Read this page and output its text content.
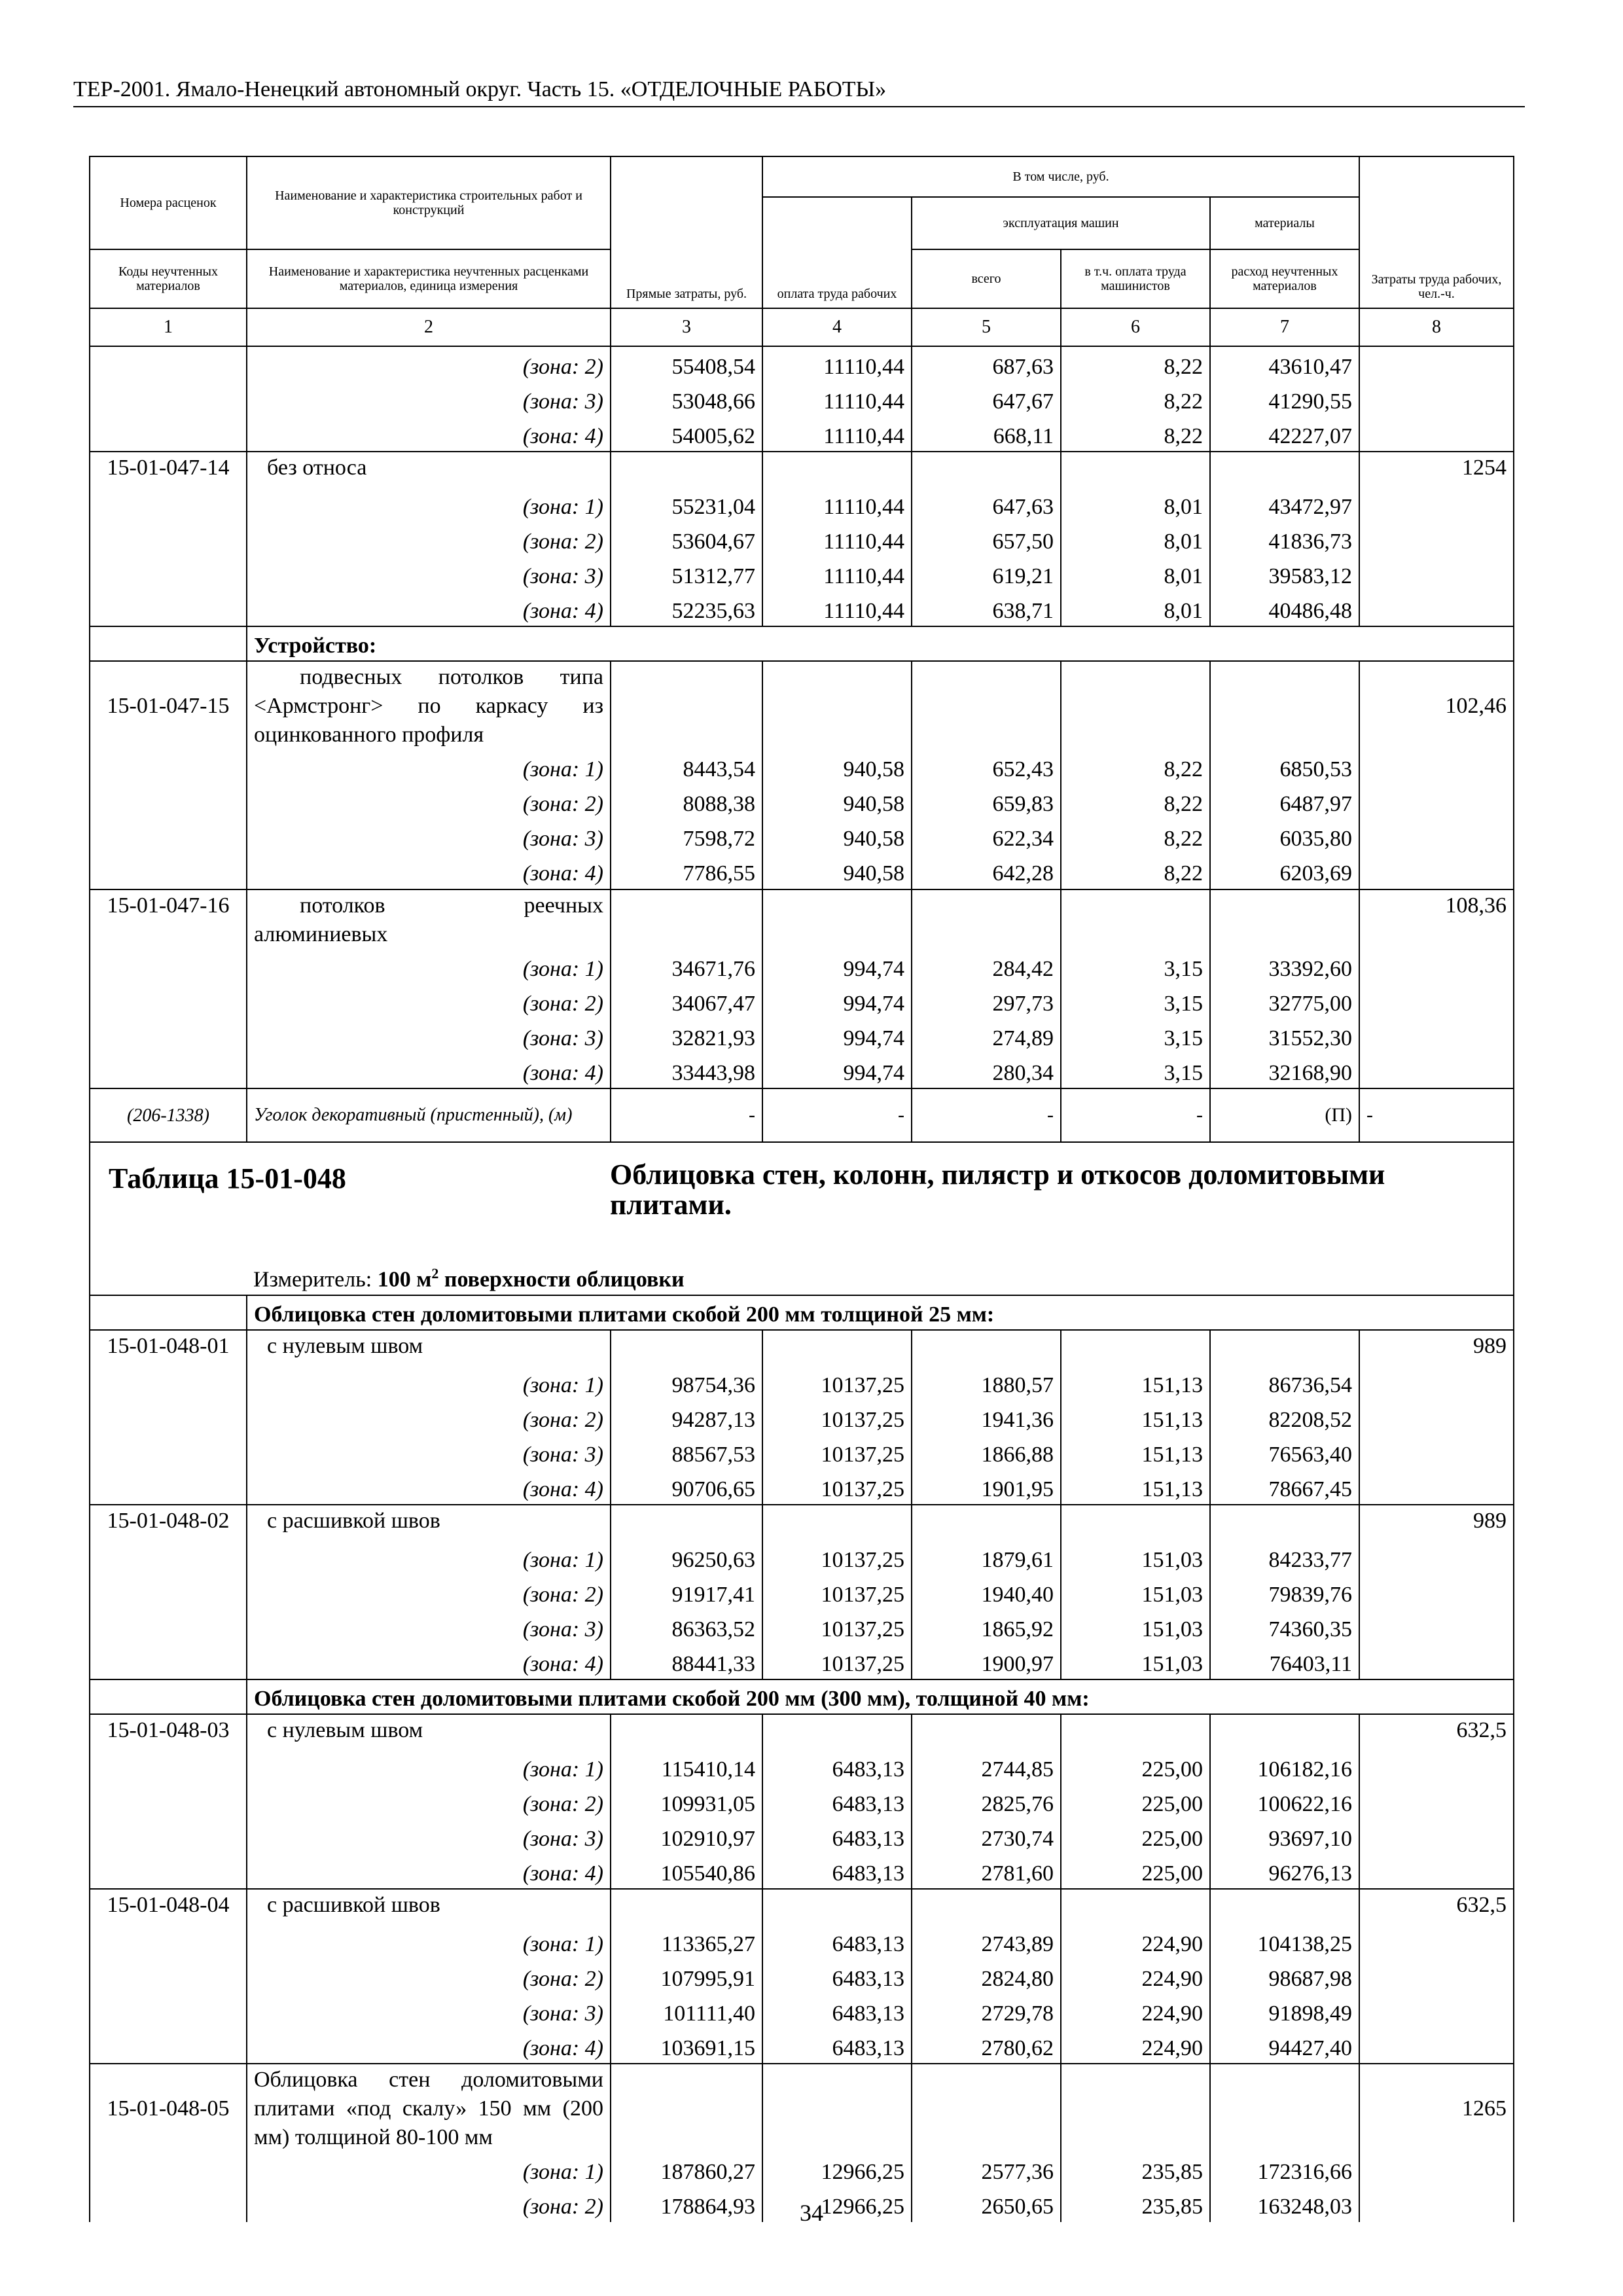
ТЕР-2001. Ямало-Ненецкий автономный округ. Часть 15. «ОТДЕЛОЧНЫЕ РАБОТЫ»
Номера расценок	Наименование и характеристика строительных работ и конструкций	Прямые затраты, руб.	В том числе, руб.				Затраты труда рабочих, чел.-ч.
			оплата труда рабочих	эксплуатация машин		материалы	
Коды неучтенных материалов	Наименование и характеристика неучтенных расценками материалов, единица измерения			всего	в т.ч. оплата труда машинистов	расход неучтенных материалов	
1	2	3	4	5	6	7	8
	(зона: 2)	55408,54	11110,44	687,63	8,22	43610,47	
	(зона: 3)	53048,66	11110,44	647,67	8,22	41290,55	
	(зона: 4)	54005,62	11110,44	668,11	8,22	42227,07	
15-01-047-14	без относа						1254
	(зона: 1)	55231,04	11110,44	647,63	8,01	43472,97	
	(зона: 2)	53604,67	11110,44	657,50	8,01	41836,73	
	(зона: 3)	51312,77	11110,44	619,21	8,01	39583,12	
	(зона: 4)	52235,63	11110,44	638,71	8,01	40486,48	
	Устройство:						
15-01-047-15	подвесных потолков типа <Армстронг> по каркасу из оцинкованного профиля						102,46
	(зона: 1)	8443,54	940,58	652,43	8,22	6850,53	
	(зона: 2)	8088,38	940,58	659,83	8,22	6487,97	
	(зона: 3)	7598,72	940,58	622,34	8,22	6035,80	
	(зона: 4)	7786,55	940,58	642,28	8,22	6203,69	
15-01-047-16	потолков реечных алюминиевых						108,36
	(зона: 1)	34671,76	994,74	284,42	3,15	33392,60	
	(зона: 2)	34067,47	994,74	297,73	3,15	32775,00	
	(зона: 3)	32821,93	994,74	274,89	3,15	31552,30	
	(зона: 4)	33443,98	994,74	280,34	3,15	32168,90	
(206-1338)	Уголок декоративный (пристенный), (м)	-	-	-	-	(П)	-

Таблица 15-01-048 Облицовка стен, колонн, пилястр и откосов доломитовыми плитами.							

	Измеритель: 100 $м^2$ поверхности облицовки						
	Облицовка стен доломитовыми плитами скобой 200 мм толщиной 25 мм:						
15-01-048-01	с нулевым швом						989
	(зона: 1)	98754,36	10137,25	1880,57	151,13	86736,54	
	(зона: 2)	94287,13	10137,25	1941,36	151,13	82208,52	
	(зона: 3)	88567,53	10137,25	1866,88	151,13	76563,40	
	(зона: 4)	90706,65	10137,25	1901,95	151,13	78667,45	
15-01-048-02	с расшивкой швов						989
	(зона: 1)	96250,63	10137,25	1879,61	151,03	84233,77	
	(зона: 2)	91917,41	10137,25	1940,40	151,03	79839,76	
	(зона: 3)	86363,52	10137,25	1865,92	151,03	74360,35	
	(зона: 4)	88441,33	10137,25	1900,97	151,03	76403,11	
	Облицовка стен доломитовыми плитами скобой 200 мм (300 мм), толщиной 40 мм:						
15-01-048-03	с нулевым швом						632,5
	(зона: 1)	115410,14	6483,13	2744,85	225,00	106182,16	
	(зона: 2)	109931,05	6483,13	2825,76	225,00	100622,16	
	(зона: 3)	102910,97	6483,13	2730,74	225,00	93697,10	
	(зона: 4)	105540,86	6483,13	2781,60	225,00	96276,13	
15-01-048-04	с расшивкой швов						632,5
	(зона: 1)	113365,27	6483,13	2743,89	224,90	104138,25	
	(зона: 2)	107995,91	6483,13	2824,80	224,90	98687,98	
	(зона: 3)	101111,40	6483,13	2729,78	224,90	91898,49	
	(зона: 4)	103691,15	6483,13	2780,62	224,90	94427,40	
15-01-048-05	Облицовка стен доломитовыми плитами «под скалу» 150 мм (200 мм) толщиной 80-100 мм						1265
	(зона: 1)	187860,27	12966,25	2577,36	235,85	172316,66	
	(зона: 2)	178864,93	12966,25	2650,65	235,85	163248,03	
34
